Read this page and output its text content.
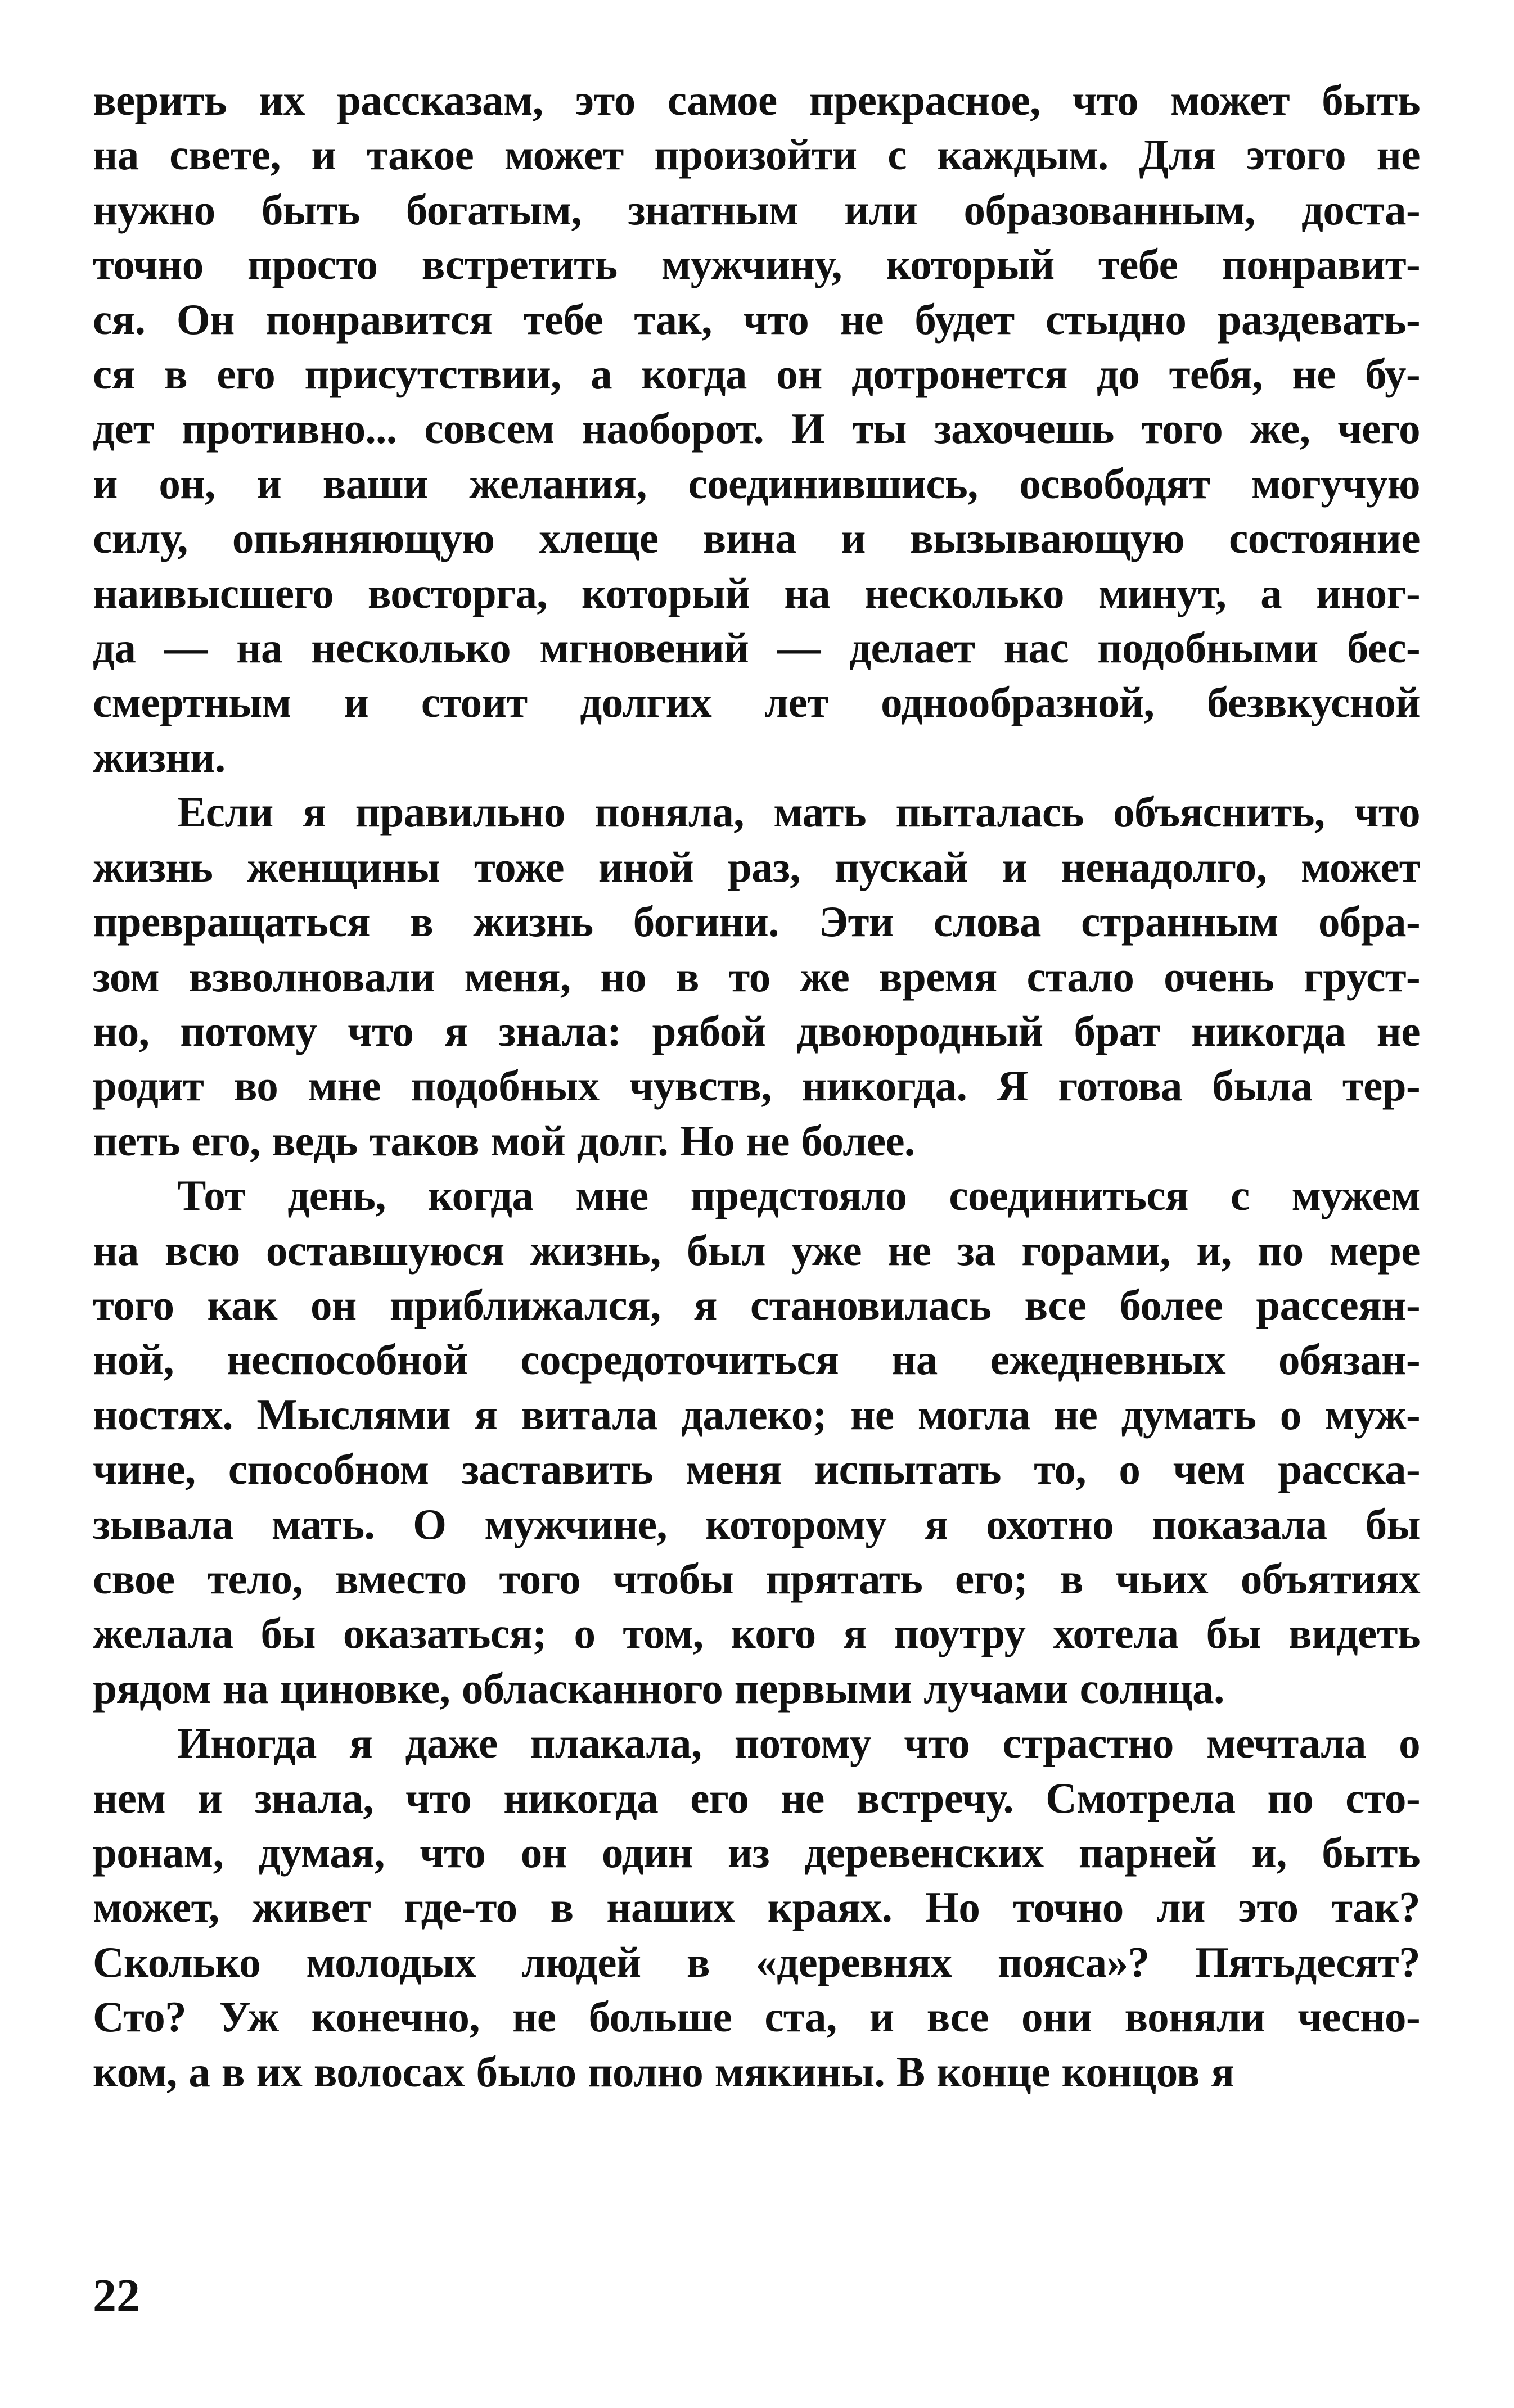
верить их рассказам, это самое прекрасное, что может быть
на свете, и такое может произойти с каждым. Для этого не
нужно быть богатым, знатным или образованным, доста-
точно просто встретить мужчину, который тебе понравит-
ся. Он понравится тебе так, что не будет стыдно раздевать-
ся в его присутствии, а когда он дотронется до тебя, не бу-
дет противно... совсем наоборот. И ты захочешь того же, чего
и он, и ваши желания, соединившись, освободят могучую
силу, опьяняющую хлеще вина и вызывающую состояние
наивысшего восторга, который на несколько минут, а иног-
да — на несколько мгновений — делает нас подобными бес-
смертным и стоит долгих лет однообразной, безвкусной
жизни.

Если я правильно поняла, мать пыталась объяснить, что
жизнь женщины тоже иной раз, пускай и ненадолго, может
превращаться в жизнь богини. Эти слова странным обра-
зом взволновали меня, но в то же время стало очень груст-
но, потому что я знала: рябой двоюродный брат никогда не
родит во мне подобных чувств, никогда. Я готова была тер-
петь его, ведь таков мой долг. Но не более.

Тот день, когда мне предстояло соединиться с мужем
на всю оставшуюся жизнь, был уже не за горами, и, по мере
того как он приближался, я становилась все более рассеян-
ной, неспособной сосредоточиться на ежедневных обязан-
ностях. Мыслями я витала далеко; не могла не думать о муж-
чине, способном заставить меня испытать то, о чем расска-
зывала мать. О мужчине, которому я охотно показала бы
свое тело, вместо того чтобы прятать его; в чьих объятиях
желала бы оказаться; о том, кого я поутру хотела бы видеть
рядом на циновке, обласканного первыми лучами солнца.

Иногда я даже плакала, потому что страстно мечтала о
нем и знала, что никогда его не встречу. Смотрела по сто-
ронам, думая, что он один из деревенских парней и, быть
может, живет где-то в наших краях. Но точно ли это так?
Сколько молодых людей в «деревнях пояса»? Пятьдесят?
Сто? Уж конечно, не больше ста, и все они воняли чесно-
ком, а в их волосах было полно мякины. В конце концов я

22
